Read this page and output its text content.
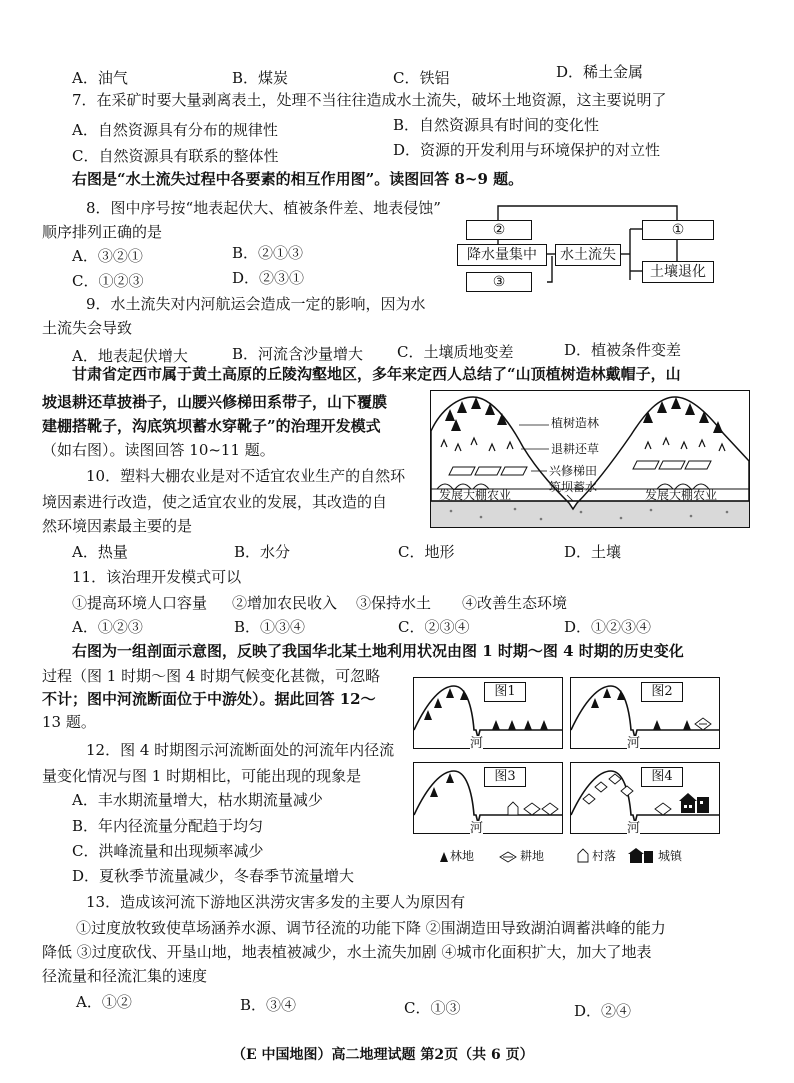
A．油气	B．煤炭	C．铁铝	D．稀土金属
7．在采矿时要大量剥离表土，处理不当往往造成水土流失，破坏土地资源，这主要说明了
A．自然资源具有分布的规律性	B．自然资源具有时间的变化性
C．自然资源具有联系的整体性	D．资源的开发利用与环境保护的对立性
右图是“水土流失过程中各要素的相互作用图”。读图回答 8~9 题。
8．图中序号按“地表起伏大、植被条件差、地表侵蚀”
顺序排列正确的是
A．③②①	B．②①③
C．①②③	D．②③①
②	①
降水量集中	水土流失
土壤退化
③
9．水土流失对内河航运会造成一定的影响，因为水
土流失会导致
A．地表起伏增大	B．河流含沙量增大 C．土壤质地变差	D．植被条件变差
甘肃省定西市属于黄土高原的丘陵沟壑地区，多年来定西人总结了“山顶植树造林戴帽子，山
坡退耕还草披褂子，山腰兴修梯田系带子，山下覆膜
建棚搭靴子，沟底筑坝蓄水穿靴子”的治理开发模式
（如右图）。读图回答 10~11 题。
植树造林
退耕还草
兴修梯田
筑坝蓄水
发展大棚农业	发展大棚农业
10．塑料大棚农业是对不适宜农业生产的自然环
境因素进行改造，使之适宜农业的发展，其改造的自
然环境因素最主要的是
A．热量	B．水分	C．地形	D．土壤
11．该治理开发模式可以
①提高环境人口容量 ②增加农民收入 ③保持水土 ④改善生态环境
A．①②③	B．①③④	C．②③④	D．①②③④
右图为一组剖面示意图，反映了我国华北某土地利用状况由图 1 时期～图 4 时期的历史变化
过程（图 1 时期～图 4 时期气候变化甚微，可忽略
不计；图中河流断面位于中游处）。据此回答 12～
13 题。
图1
河
图2
河
图3
河
图4
河
林地	耕地	村落	城镇
12．图 4 时期图示河流断面处的河流年内径流
量变化情况与图 1 时期相比，可能出现的现象是
A．丰水期流量增大，枯水期流量减少
B．年内径流量分配趋于均匀
C．洪峰流量和出现频率减少
D．夏秋季节流量减少，冬春季节流量增大
13．造成该河流下游地区洪涝灾害多发的主要人为原因有
①过度放牧致使草场涵养水源、调节径流的功能下降 ②围湖造田导致湖泊调蓄洪峰的能力
降低 ③过度砍伐、开垦山地，地表植被减少，水土流失加剧 ④城市化面积扩大，加大了地表
径流量和径流汇集的速度
A．①②	B．③④	C．①③	D．②④
（E 中国地图）高二地理试题 第2页（共 6 页）
